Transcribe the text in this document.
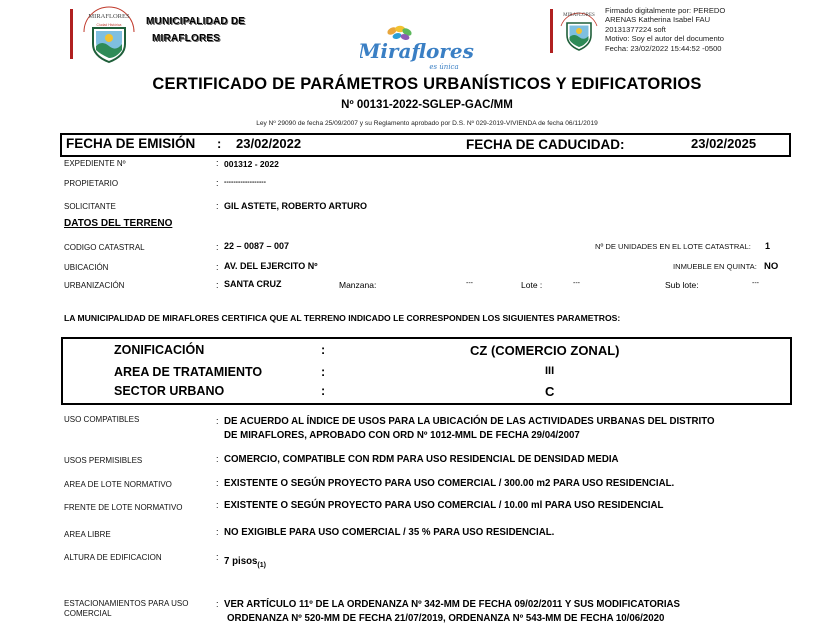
MIRAFLORES
Ciudad Histórica MUNICIPALIDAD DE
MIRAFLORES
Miraflores
es única
MIRAFLORES
Firmado digitalmente por: PEREDO
ARENAS Katherina Isabel FAU
20131377224 soft
Motivo: Soy el autor del documento
Fecha: 23/02/2022 15:44:52 -0500
CERTIFICADO DE PARÁMETROS URBANÍSTICOS Y EDIFICATORIOS
Nº 00131-2022-SGLEP-GAC/MM
Ley Nº 29090 de fecha 25/09/2007 y su Reglamento aprobado por D.S. Nº 029-2019-VIVIENDA de fecha 06/11/2019
FECHA DE EMISIÓN : 23/02/2022	FECHA DE CADUCIDAD:	23/02/2025
EXPEDIENTE Nº	: 001312 - 2022
PROPIETARIO	: ------------------
SOLICITANTE	: GIL ASTETE, ROBERTO ARTURO
DATOS DEL TERRENO
CODIGO CATASTRAL	: 22 – 0087 – 007	Nº DE UNIDADES EN EL LOTE CATASTRAL: 1
UBICACIÓN	: AV. DEL EJERCITO Nº	INMUEBLE EN QUINTA: NO
URBANIZACIÓN	: SANTA CRUZ	Manzana:	---	Lote :	---	Sub lote:	---
LA MUNICIPALIDAD DE MIRAFLORES CERTIFICA QUE AL TERRENO INDICADO LE CORRESPONDEN LOS SIGUIENTES PARAMETROS:
ZONIFICACIÓN	:	CZ (COMERCIO ZONAL)
AREA DE TRATAMIENTO	:	III
SECTOR URBANO	:	C
USO COMPATIBLES	: DE ACUERDO AL ÍNDICE DE USOS PARA LA UBICACIÓN DE LAS ACTIVIDADES URBANAS DEL DISTRITO
DE MIRAFLORES, APROBADO CON ORD Nº 1012-MML DE FECHA 29/04/2007
USOS PERMISIBLES	: COMERCIO, COMPATIBLE CON RDM PARA USO RESIDENCIAL DE DENSIDAD MEDIA
AREA DE LOTE NORMATIVO	: EXISTENTE O SEGÚN PROYECTO PARA USO COMERCIAL / 300.00 m2 PARA USO RESIDENCIAL.
FRENTE DE LOTE NORMATIVO	: EXISTENTE O SEGÚN PROYECTO PARA USO COMERCIAL / 10.00 ml PARA USO RESIDENCIAL
AREA LIBRE	: NO EXIGIBLE PARA USO COMERCIAL / 35 % PARA USO RESIDENCIAL.
ALTURA DE EDIFICACION	: 7 pisos$_{(1)}$
ESTACIONAMIENTOS PARA USO
COMERCIAL
: VER ARTÍCULO 11º DE LA ORDENANZA Nº 342-MM DE FECHA 09/02/2011 Y SUS MODIFICATORIAS
ORDENANZA Nº 520-MM DE FECHA 21/07/2019, ORDENANZA Nº 543-MM DE FECHA 10/06/2020
